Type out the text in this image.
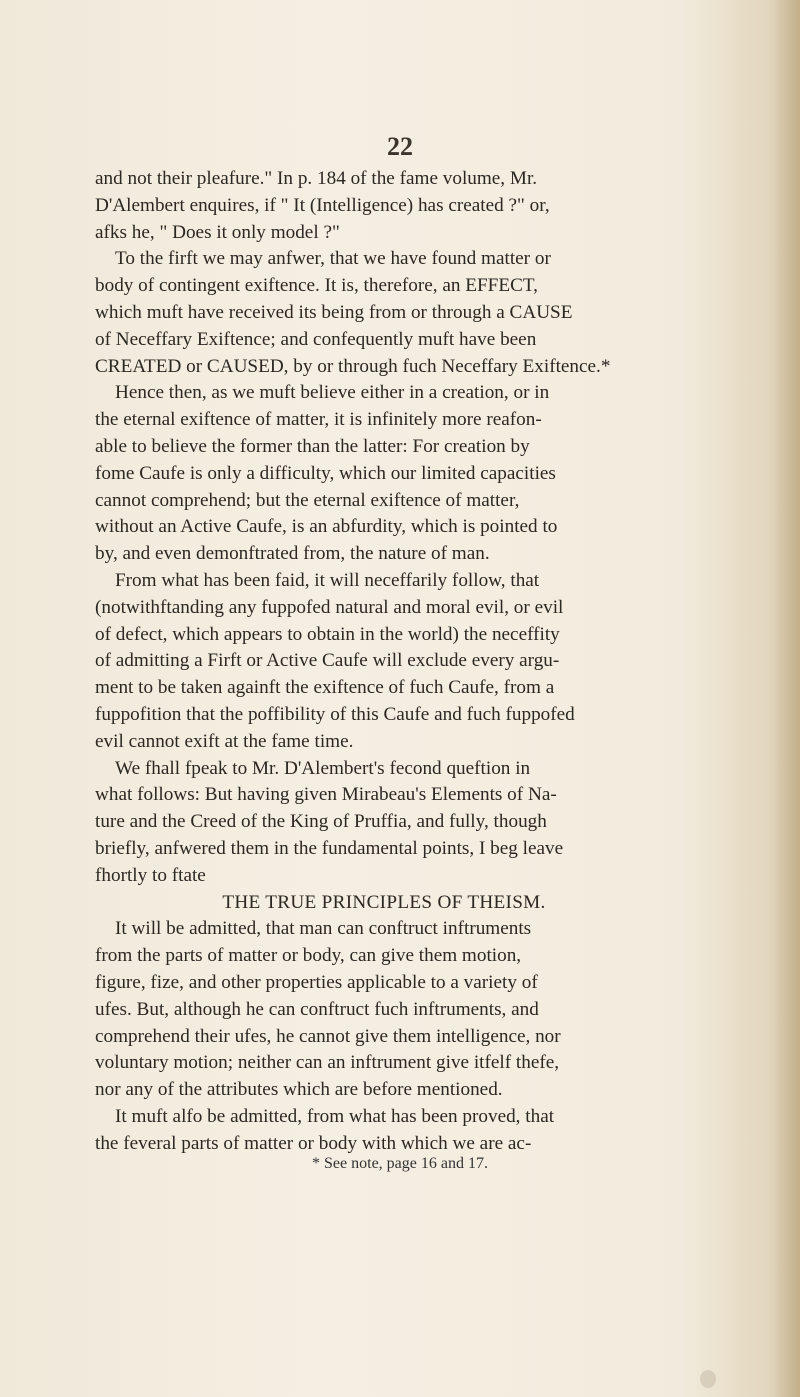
22
and not their pleafure." In p. 184 of the fame volume, Mr.
D'Alembert enquires, if " It (Intelligence) has created ?" or,
afks he, " Does it only model ?"
To the firft we may anfwer, that we have found matter or
body of contingent exiftence. It is, therefore, an EFFECT,
which muft have received its being from or through a CAUSE
of Neceffary Exiftence; and confequently muft have been
CREATED or CAUSED, by or through fuch Neceffary Exiftence.*
Hence then, as we muft believe either in a creation, or in
the eternal exiftence of matter, it is infinitely more reafon-
able to believe the former than the latter: For creation by
fome Caufe is only a difficulty, which our limited capacities
cannot comprehend; but the eternal exiftence of matter,
without an Active Caufe, is an abfurdity, which is pointed to
by, and even demonftrated from, the nature of man.
From what has been faid, it will neceffarily follow, that
(notwithftanding any fuppofed natural and moral evil, or evil
of defect, which appears to obtain in the world) the neceffity
of admitting a Firft or Active Caufe will exclude every argu-
ment to be taken againft the exiftence of fuch Caufe, from a
fuppofition that the poffibility of this Caufe and fuch fuppofed
evil cannot exift at the fame time.
We fhall fpeak to Mr. D'Alembert's fecond queftion in
what follows: But having given Mirabeau's Elements of Na-
ture and the Creed of the King of Pruffia, and fully, though
briefly, anfwered them in the fundamental points, I beg leave
fhortly to ftate
THE TRUE PRINCIPLES OF THEISM.
It will be admitted, that man can conftruct inftruments
from the parts of matter or body, can give them motion,
figure, fize, and other properties applicable to a variety of
ufes. But, although he can conftruct fuch inftruments, and
comprehend their ufes, he cannot give them intelligence, nor
voluntary motion; neither can an inftrument give itfelf thefe,
nor any of the attributes which are before mentioned.
It muft alfo be admitted, from what has been proved, that
the feveral parts of matter or body with which we are ac-
* See note, page 16 and 17.
